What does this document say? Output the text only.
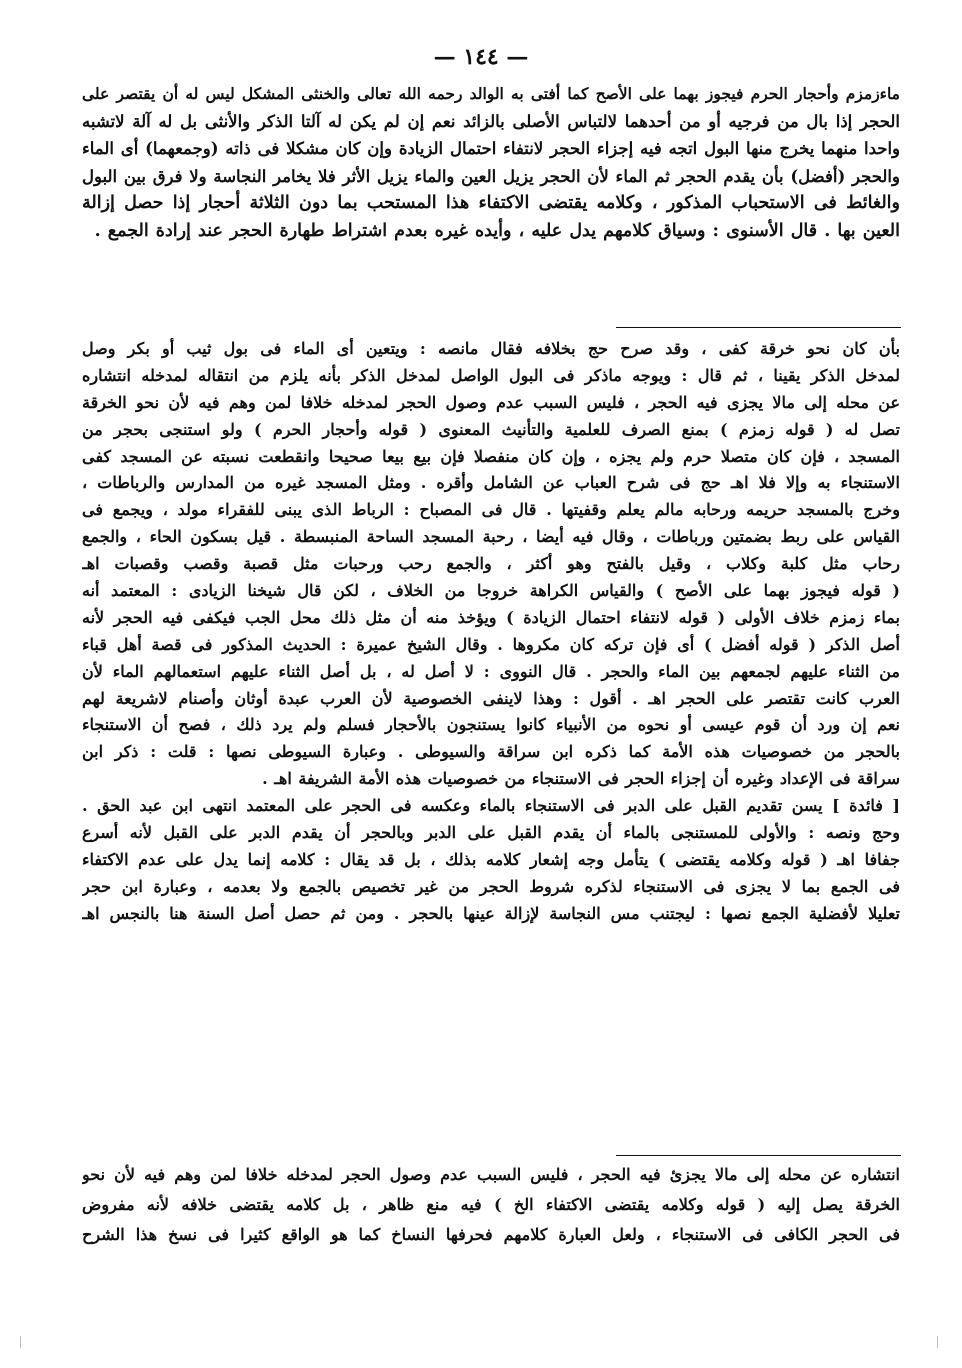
— ١٤٤ —
ماءزمزم وأحجار الحرم فيجوز بهما على الأصح كما أفتى به الوالد رحمه الله تعالى والخنثى المشكل ليس له أن يقتصر على
الحجر إذا بال من فرجيه أو من أحدهما لالتباس الأصلى بالزائد نعم إن لم يكن له آلتا الذكر والأنثى بل له آلة لاتشبه
واحدا منهما يخرج منها البول اتجه فيه إجزاء الحجر لانتفاء احتمال الزيادة وإن كان مشكلا فى ذاته (وجمعهما) أى الماء
والحجر (أفضل) بأن يقدم الحجر ثم الماء لأن الحجر يزيل العين والماء يزيل الأثر فلا يخامر النجاسة ولا فرق بين البول
والغائط فى الاستحباب المذكور ، وكلامه يقتضى الاكتفاء هذا المستحب بما دون الثلاثة أحجار إذا حصل إزالة
العين بها . قال الأسنوى : وسياق كلامهم يدل عليه ، وأيده غيره بعدم اشتراط طهارة الحجر عند إرادة الجمع .
بأن كان نحو خرقة كفى ، وقد صرح حج بخلافه فقال مانصه : ويتعين أى الماء فى بول ثيب أو بكر وصل
لمدخل الذكر يقينا ، ثم قال : ويوجه ماذكر فى البول الواصل لمدخل الذكر بأنه يلزم من انتقاله لمدخله انتشاره
عن محله إلى مالا يجزى فيه الحجر ، فليس السبب عدم وصول الحجر لمدخله خلافا لمن وهم فيه لأن نحو الخرقة
تصل له ( قوله زمزم ) بمنع الصرف للعلمية والتأنيث المعنوى ( قوله وأحجار الحرم ) ولو استنجى بحجر من
المسجد ، فإن كان متصلا حرم ولم يجزه ، وإن كان منفصلا فإن بيع بيعا صحيحا وانقطعت نسبته عن المسجد كفى
الاستنجاء به وإلا فلا اهـ حج فى شرح العباب عن الشامل وأقره . ومثل المسجد غيره من المدارس والرباطات ،
وخرج بالمسجد حريمه ورحابه مالم يعلم وقفيتها . قال فى المصباح : الرباط الذى يبنى للفقراء مولد ، ويجمع فى
القياس على ربط بضمتين ورباطات ، وقال فيه أيضا ، رحبة المسجد الساحة المنبسطة . قيل بسكون الحاء ، والجمع
رحاب مثل كلبة وكلاب ، وقيل بالفتح وهو أكثر ، والجمع رحب ورحبات مثل قصبة وقصب وقصبات اهـ
( قوله فيجوز بهما على الأصح ) والقياس الكراهة خروجا من الخلاف ، لكن قال شيخنا الزيادى : المعتمد أنه
بماء زمزم خلاف الأولى ( قوله لانتفاء احتمال الزيادة ) ويؤخذ منه أن مثل ذلك محل الجب فيكفى فيه الحجر لأنه
أصل الذكر ( قوله أفضل ) أى فإن تركه كان مكروها . وقال الشيخ عميرة : الحديث المذكور فى قصة أهل قباء
من الثناء عليهم لجمعهم بين الماء والحجر . قال النووى : لا أصل له ، بل أصل الثناء عليهم استعمالهم الماء لأن
العرب كانت تقتصر على الحجر اهـ . أقول : وهذا لاينفى الخصوصية لأن العرب عبدة أوثان وأصنام لاشريعة لهم
نعم إن ورد أن قوم عيسى أو نحوه من الأنبياء كانوا يستنجون بالأحجار فسلم ولم يرد ذلك ، فصح أن الاستنجاء
بالحجر من خصوصيات هذه الأمة كما ذكره ابن سراقة والسيوطى . وعبارة السيوطى نصها : قلت : ذكر ابن
سراقة فى الإعداد وغيره أن إجزاء الحجر فى الاستنجاء من خصوصيات هذه الأمة الشريفة اهـ .
[ فائدة ] يسن تقديم القبل على الدبر فى الاستنجاء بالماء وعكسه فى الحجر على المعتمد انتهى ابن عبد الحق .
وحج ونصه : والأولى للمستنجى بالماء أن يقدم القبل على الدبر وبالحجر أن يقدم الدبر على القبل لأنه أسرع
جفافا اهـ ( قوله وكلامه يقتضى ) يتأمل وجه إشعار كلامه بذلك ، بل قد يقال : كلامه إنما يدل على عدم الاكتفاء
فى الجمع بما لا يجزى فى الاستنجاء لذكره شروط الحجر من غير تخصيص بالجمع ولا بعدمه ، وعبارة ابن حجر
تعليلا لأفضلية الجمع نصها : ليجتنب مس النجاسة لإزالة عينها بالحجر . ومن ثم حصل أصل السنة هنا بالنجس اهـ
انتشاره عن محله إلى مالا يجزئ فيه الحجر ، فليس السبب عدم وصول الحجر لمدخله خلافا لمن وهم فيه لأن نحو
الخرقة يصل إليه ( قوله وكلامه يقتضى الاكتفاء الخ ) فيه منع ظاهر ، بل كلامه يقتضى خلافه لأنه مفروض
فى الحجر الكافى فى الاستنجاء ، ولعل العبارة كلامهم فحرفها النساخ كما هو الواقع كثيرا فى نسخ هذا الشرح
